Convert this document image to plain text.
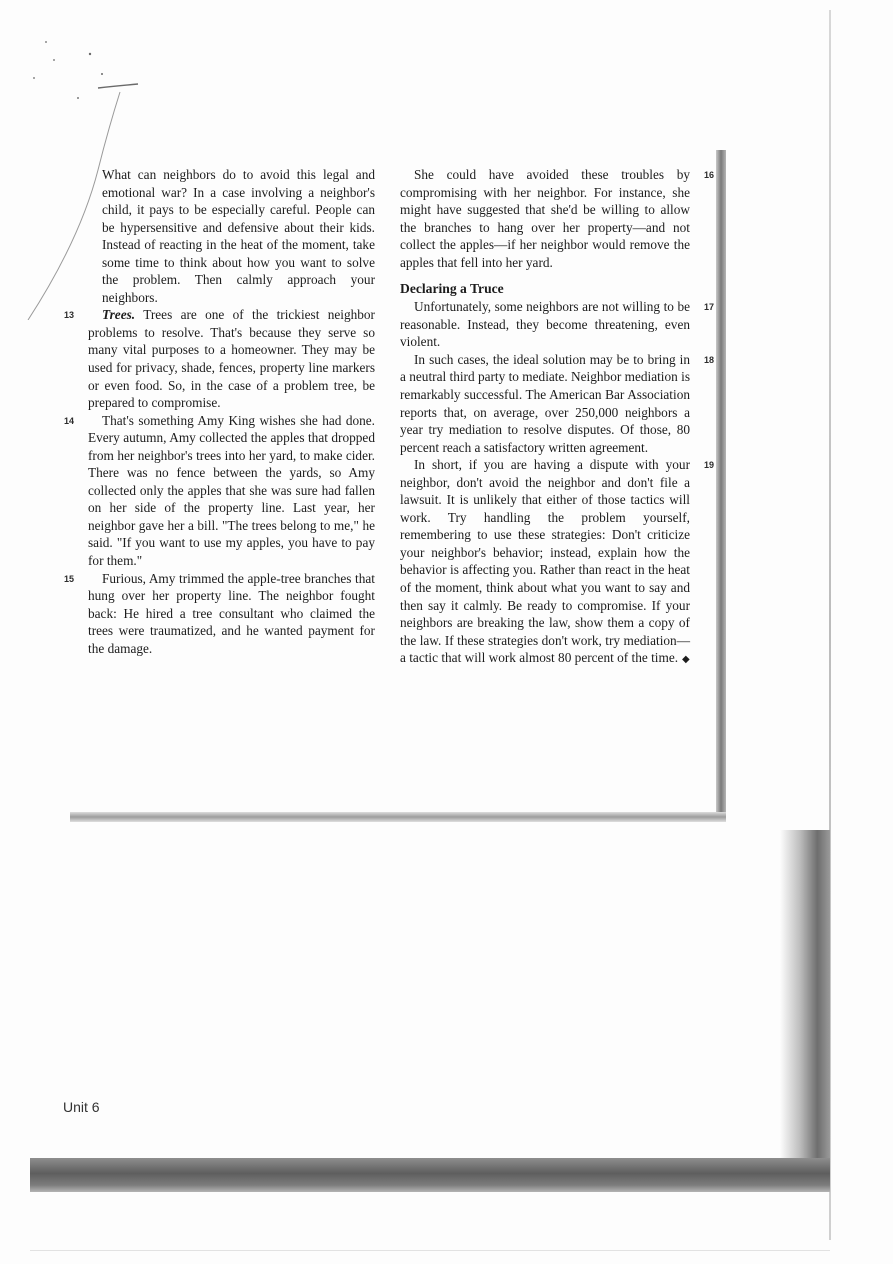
What can neighbors do to avoid this legal and emotional war? In a case involving a neighbor's child, it pays to be especially careful. People can be hypersensitive and defensive about their kids. Instead of reacting in the heat of the moment, take some time to think about how you want to solve the problem. Then calmly approach your neighbors.

13 Trees. Trees are one of the trickiest neighbor problems to resolve. That's because they serve so many vital purposes to a homeowner. They may be used for privacy, shade, fences, property line markers or even food. So, in the case of a problem tree, be prepared to compromise.

14 That's something Amy King wishes she had done. Every autumn, Amy collected the apples that dropped from her neighbor's trees into her yard, to make cider. There was no fence between the yards, so Amy collected only the apples that she was sure had fallen on her side of the property line. Last year, her neighbor gave her a bill. "The trees belong to me," he said. "If you want to use my apples, you have to pay for them."

15 Furious, Amy trimmed the apple-tree branches that hung over her property line. The neighbor fought back: He hired a tree consultant who claimed the trees were traumatized, and he wanted payment for the damage.

16
She could have avoided these troubles by compromising with her neighbor. For instance, she might have suggested that she'd be willing to allow the branches to hang over her property—and not collect the apples—if her neighbor would remove the apples that fell into her yard.

Declaring a Truce

17
Unfortunately, some neighbors are not willing to be reasonable. Instead, they become threatening, even violent.

18
In such cases, the ideal solution may be to bring in a neutral third party to mediate. Neighbor mediation is remarkably successful. The American Bar Association reports that, on average, over 250,000 neighbors a year try mediation to resolve disputes. Of those, 80 percent reach a satisfactory written agreement.

19
In short, if you are having a dispute with your neighbor, don't avoid the neighbor and don't file a lawsuit. It is unlikely that either of those tactics will work. Try handling the problem yourself, remembering to use these strategies: Don't criticize your neighbor's behavior; instead, explain how the behavior is affecting you. Rather than react in the heat of the moment, think about what you want to say and then say it calmly. Be ready to compromise. If your neighbors are breaking the law, show them a copy of the law. If these strategies don't work, try mediation—a tactic that will work almost 80 percent of the time. ◆

Unit 6
